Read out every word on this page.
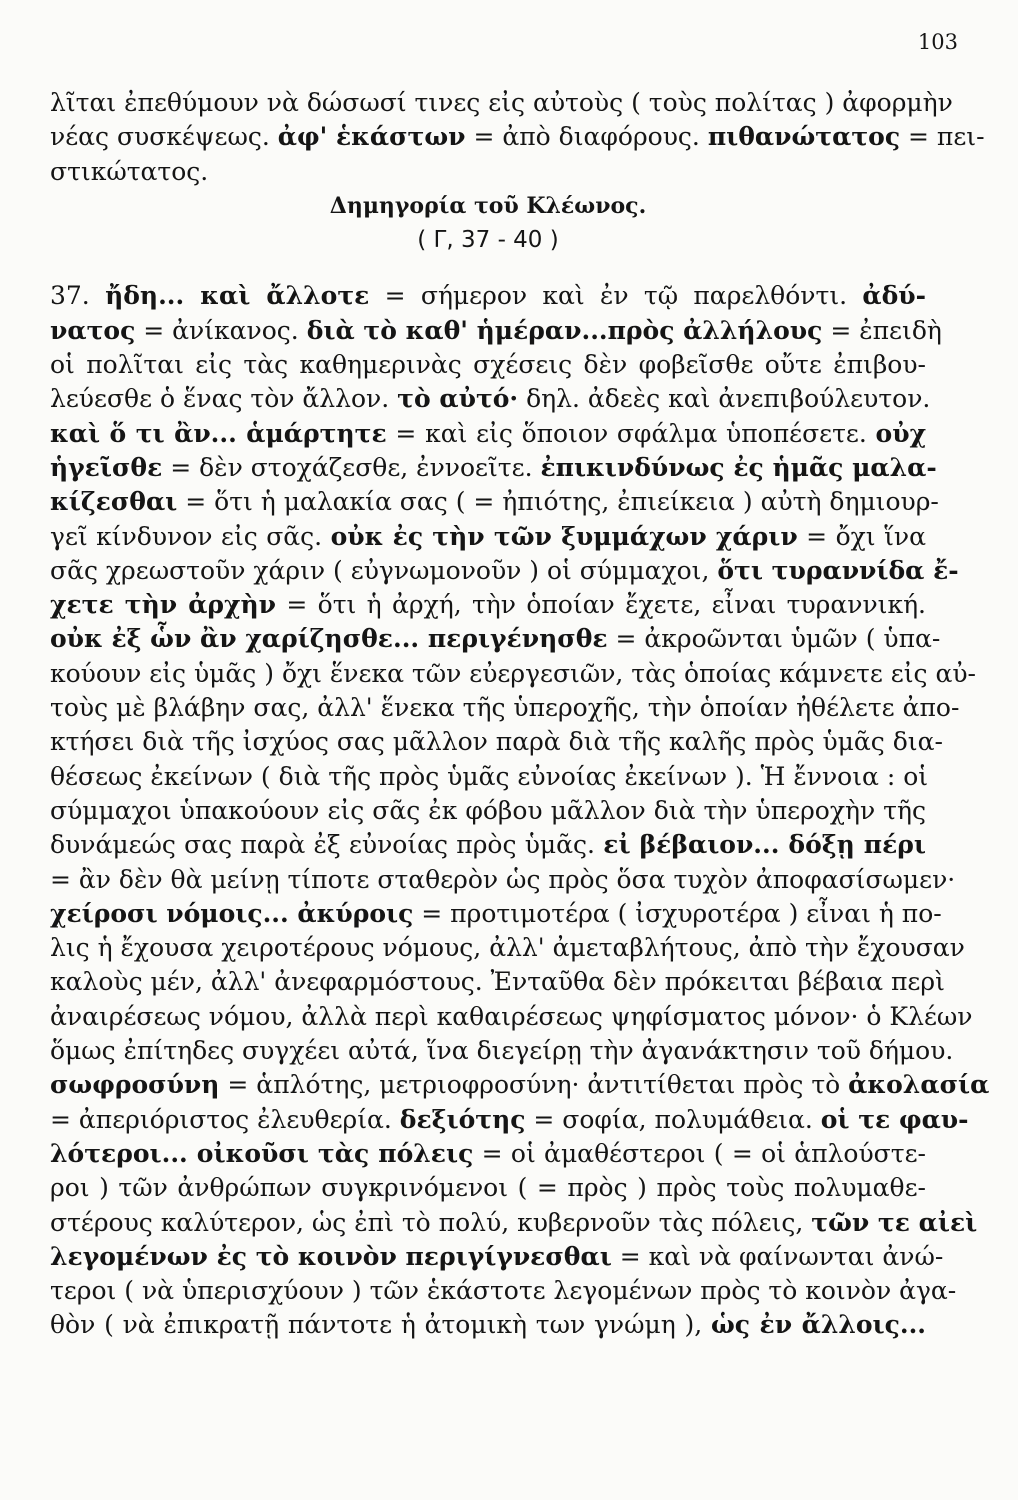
103
λῖται ἐπεθύμουν νὰ δώσωσί τινες εἰς αὐτοὺς ( τοὺς πολίτας ) ἀφορμὴν
νέας συσκέψεως. ἀφ' ἑκάστων = ἀπὸ διαφόρους. πιθανώτατος = πει-
στικώτατος.
Δημηγορία τοῦ Κλέωνος.
( Γ, 37 - 40 )
37. ἤδη... καὶ ἄλλοτε = σήμερον καὶ ἐν τῷ παρελθόντι. ἀδύ-
νατος = ἀνίκανος. διὰ τὸ καθ' ἡμέραν...πρὸς ἀλλήλους = ἐπειδὴ
οἱ πολῖται εἰς τὰς καθημερινὰς σχέσεις δὲν φοβεῖσθε οὔτε ἐπιβου-
λεύεσθε ὁ ἕνας τὸν ἄλλον. τὸ αὐτό· δηλ. ἀδεὲς καὶ ἀνεπιβούλευτον.
καὶ ὅ τι ἂν... ἁμάρτητε = καὶ εἰς ὅποιον σφάλμα ὑποπέσετε. οὐχ
ἡγεῖσθε = δὲν στοχάζεσθε, ἐννοεῖτε. ἐπικινδύνως ἐς ἡμᾶς μαλα-
κίζεσθαι = ὅτι ἡ μαλακία σας ( = ἠπιότης, ἐπιείκεια ) αὐτὴ δημιουρ-
γεῖ κίνδυνον εἰς σᾶς. οὐκ ἐς τὴν τῶν ξυμμάχων χάριν = ὄχι ἵνα
σᾶς χρεωστοῦν χάριν ( εὐγνωμονοῦν ) οἱ σύμμαχοι, ὅτι τυραννίδα ἔ-
χετε τὴν ἀρχὴν = ὅτι ἡ ἀρχή, τὴν ὁποίαν ἔχετε, εἶναι τυραννική.
οὐκ ἐξ ὧν ἂν χαρίζησθε... περιγένησθε = ἀκροῶνται ὑμῶν ( ὑπα-
κούουν εἰς ὑμᾶς ) ὄχι ἕνεκα τῶν εὐεργεσιῶν, τὰς ὁποίας κάμνετε εἰς αὐ-
τοὺς μὲ βλάβην σας, ἀλλ' ἕνεκα τῆς ὑπεροχῆς, τὴν ὁποίαν ἠθέλετε ἀπο-
κτήσει διὰ τῆς ἰσχύος σας μᾶλλον παρὰ διὰ τῆς καλῆς πρὸς ὑμᾶς δια-
θέσεως ἐκείνων ( διὰ τῆς πρὸς ὑμᾶς εὐνοίας ἐκείνων ). Ἡ ἔννοια : οἱ
σύμμαχοι ὑπακούουν εἰς σᾶς ἐκ φόβου μᾶλλον διὰ τὴν ὑπεροχὴν τῆς
δυνάμεώς σας παρὰ ἐξ εὐνοίας πρὸς ὑμᾶς. εἰ βέβαιον... δόξῃ πέρι
= ἂν δὲν θὰ μείνῃ τίποτε σταθερὸν ὡς πρὸς ὅσα τυχὸν ἀποφασίσωμεν·
χείροσι νόμοις... ἀκύροις = προτιμοτέρα ( ἰσχυροτέρα ) εἶναι ἡ πο-
λις ἡ ἔχουσα χειροτέρους νόμους, ἀλλ' ἀμεταβλήτους, ἀπὸ τὴν ἔχουσαν
καλοὺς μέν, ἀλλ' ἀνεφαρμόστους. Ἐνταῦθα δὲν πρόκειται βέβαια περὶ
ἀναιρέσεως νόμου, ἀλλὰ περὶ καθαιρέσεως ψηφίσματος μόνον· ὁ Κλέων
ὅμως ἐπίτηδες συγχέει αὐτά, ἵνα διεγείρῃ τὴν ἀγανάκτησιν τοῦ δήμου.
σωφροσύνη = ἁπλότης, μετριοφροσύνη· ἀντιτίθεται πρὸς τὸ ἀκολασία
= ἀπεριόριστος ἐλευθερία. δεξιότης = σοφία, πολυμάθεια. οἱ τε φαυ-
λότεροι... οἰκοῦσι τὰς πόλεις = οἱ ἀμαθέστεροι ( = οἱ ἁπλούστε-
ροι ) τῶν ἀνθρώπων συγκρινόμενοι ( = πρὸς ) πρὸς τοὺς πολυμαθε-
στέρους καλύτερον, ὡς ἐπὶ τὸ πολύ, κυβερνοῦν τὰς πόλεις, τῶν τε αἰεὶ
λεγομένων ἐς τὸ κοινὸν περιγίγνεσθαι = καὶ νὰ φαίνωνται ἀνώ-
τεροι ( νὰ ὑπερισχύουν ) τῶν ἑκάστοτε λεγομένων πρὸς τὸ κοινὸν ἀγα-
θὸν ( νὰ ἐπικρατῇ πάντοτε ἡ ἀτομικὴ των γνώμη ), ὡς ἐν ἄλλοις...
